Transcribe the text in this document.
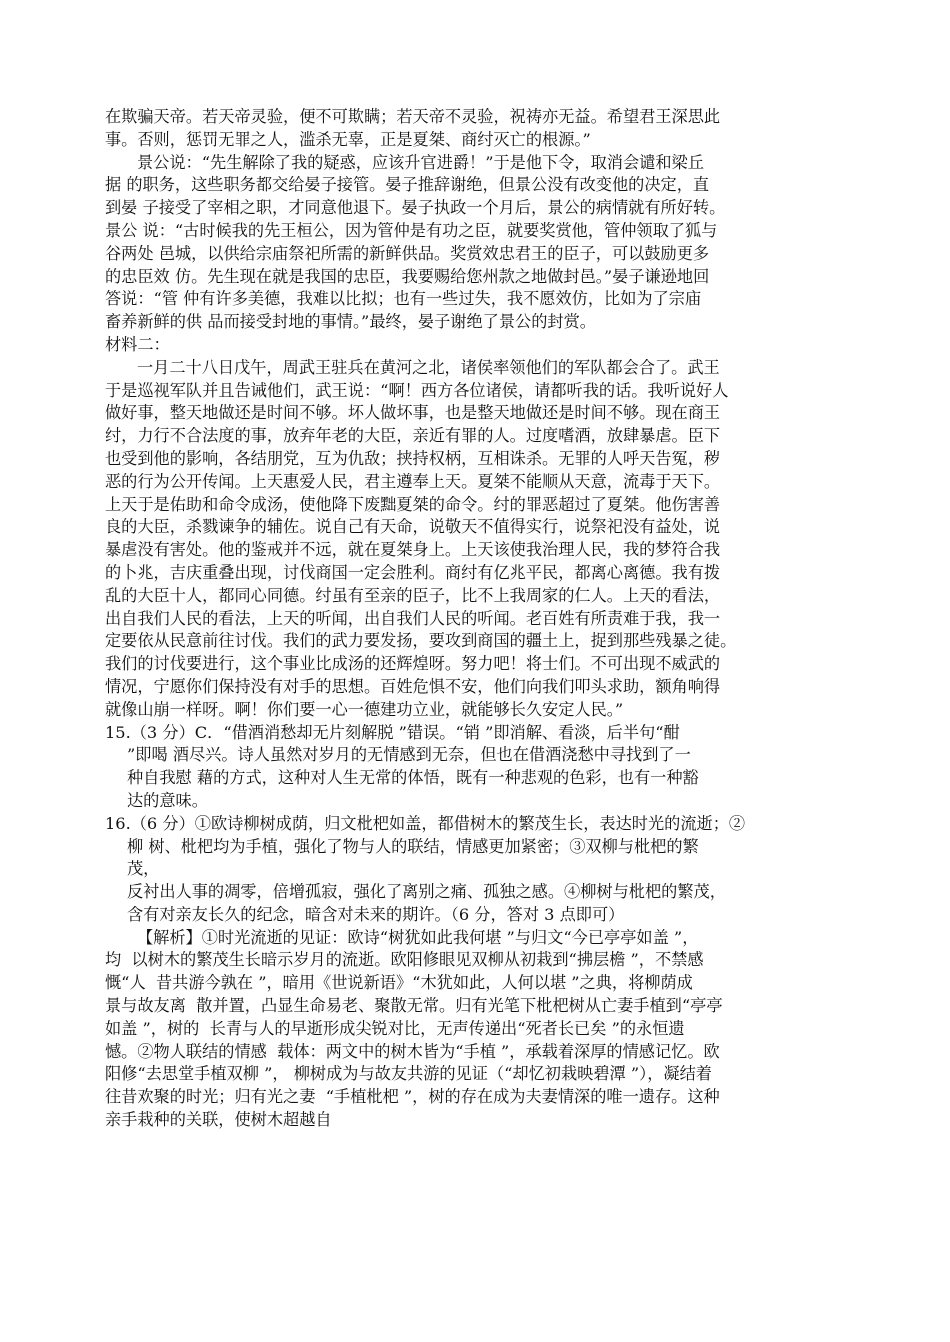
在欺骗天帝。若天帝灵验，便不可欺瞒；若天帝不灵验，祝祷亦无益。希望君王深思此
事。否则，惩罚无罪之人，滥杀无辜，正是夏桀、商纣灭亡的根源。”
景公说：“先生解除了我的疑惑，应该升官进爵！”于是他下令，取消会谴和梁丘
据 的职务，这些职务都交给晏子接管。晏子推辞谢绝，但景公没有改变他的决定，直
到晏 子接受了宰相之职，才同意他退下。晏子执政一个月后，景公的病情就有所好转。
景公 说：“古时候我的先王桓公，因为管仲是有功之臣，就要奖赏他，管仲领取了狐与
谷两处 邑城，以供给宗庙祭祀所需的新鲜供品。奖赏效忠君王的臣子，可以鼓励更多
的忠臣效 仿。先生现在就是我国的忠臣，我要赐给您州款之地做封邑。”晏子谦逊地回
答说：“管 仲有许多美德，我难以比拟；也有一些过失，我不愿效仿，比如为了宗庙
畜养新鲜的供 品而接受封地的事情。”最终，晏子谢绝了景公的封赏。
材料二：
一月二十八日戊午，周武王驻兵在黄河之北，诸侯率领他们的军队都会合了。武王
于是巡视军队并且告诫他们，武王说：“啊！西方各位诸侯，请都听我的话。我听说好人
做好事，整天地做还是时间不够。坏人做坏事，也是整天地做还是时间不够。现在商王
纣，力行不合法度的事，放弃年老的大臣，亲近有罪的人。过度嗜酒，放肆暴虐。臣下
也受到他的影响，各结朋党，互为仇敌；挟持权柄，互相诛杀。无罪的人呼天告冤，秽
恶的行为公开传闻。上天惠爱人民，君主遵奉上天。夏桀不能顺从天意，流毒于天下。
上天于是佑助和命令成汤，使他降下废黜夏桀的命令。纣的罪恶超过了夏桀。他伤害善
良的大臣，杀戮谏争的辅佐。说自己有天命，说敬天不值得实行，说祭祀没有益处，说
暴虐没有害处。他的鉴戒并不远，就在夏桀身上。上天该使我治理人民，我的梦符合我
的卜兆，吉庆重叠出现，讨伐商国一定会胜利。商纣有亿兆平民，都离心离德。我有拨
乱的大臣十人，都同心同德。纣虽有至亲的臣子，比不上我周家的仁人。上天的看法，
出自我们人民的看法，上天的听闻，出自我们人民的听闻。老百姓有所责难于我，我一
定要依从民意前往讨伐。我们的武力要发扬，要攻到商国的疆土上，捉到那些残暴之徒。
我们的讨伐要进行，这个事业比成汤的还辉煌呀。努力吧！将士们。不可出现不威武的
情况，宁愿你们保持没有对手的思想。百姓危惧不安，他们向我们叩头求助，额角响得
就像山崩一样呀。啊！你们要一心一德建功立业，就能够长久安定人民。”
15.（3 分）C．“借酒消愁却无片刻解脱 ”错误。“销 ”即消解、看淡，后半句“酣
”即喝 酒尽兴。诗人虽然对岁月的无情感到无奈，但也在借酒浇愁中寻找到了一
种自我慰 藉的方式，这种对人生无常的体悟，既有一种悲观的色彩，也有一种豁
达的意味。
16.（6 分）①欧诗柳树成荫，归文枇杷如盖，都借树木的繁茂生长，表达时光的流逝；②
柳 树、枇杷均为手植，强化了物与人的联结，情感更加紧密；③双柳与枇杷的繁
茂，
反衬出人事的凋零，倍增孤寂，强化了离别之痛、孤独之感。④柳树与枇杷的繁茂，
含有对亲友长久的纪念，暗含对未来的期许。（6 分，答对 3 点即可）
【解析】①时光流逝的见证：欧诗“树犹如此我何堪 ”与归文“今已亭亭如盖 ”，
均  以树木的繁茂生长暗示岁月的流逝。欧阳修眼见双柳从初栽到“拂层檐 ”，不禁感
慨“人  昔共游今孰在 ”，暗用《世说新语》“木犹如此，人何以堪 ”之典，将柳荫成
景与故友离  散并置，凸显生命易老、聚散无常。归有光笔下枇杷树从亡妻手植到“亭亭
如盖 ”，树的  长青与人的早逝形成尖锐对比，无声传递出“死者长已矣 ”的永恒遗
憾。②物人联结的情感  载体：两文中的树木皆为“手植 ”，承载着深厚的情感记忆。欧
阳修“去思堂手植双柳 ”， 柳树成为与故友共游的见证（“却忆初栽映碧潭 ”），凝结着
往昔欢聚的时光；归有光之妻  “手植枇杷 ”，树的存在成为夫妻情深的唯一遗存。这种
亲手栽种的关联，使树木超越自
